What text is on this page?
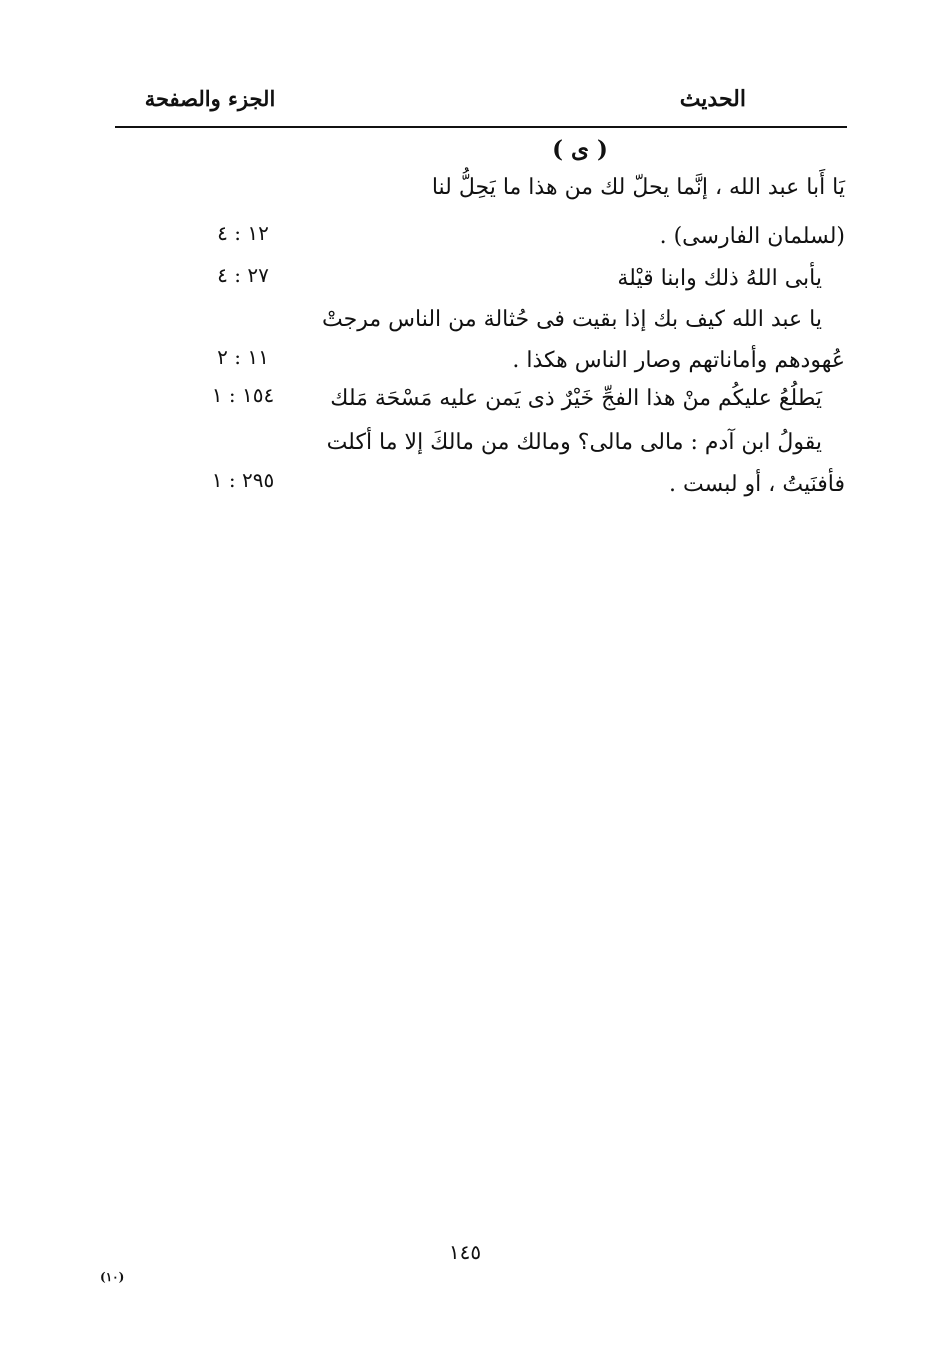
الجزء والصفحة	الحديث
( ى )
يَا أَبا عبد الله ، إنَّما يحلّ لك من هذا ما يَحِلُّ لنا
(لسلمان الفارسى) .
١٢ : ٤
يأبى اللهُ ذلك وابنا قيْلة
٢٧ : ٤
يا عبد الله كيف بك إذا بقيت فى حُثالة من الناس مرجتْ
عُهودهم وأماناتهم وصار الناس هكذا .
١١ : ٢
يَطلُعُ عليكُم منْ هذا الفجِّ خَيْرٌ ذى يَمن عليه مَسْحَة مَلك
١٥٤ : ١
يقولُ ابن آدم : مالى مالى؟ ومالك من مالكَ إلا ما أكلت
فأفنَيتُ ، أو لبست .
٢٩٥ : ١
١٤٥
(١٠)
